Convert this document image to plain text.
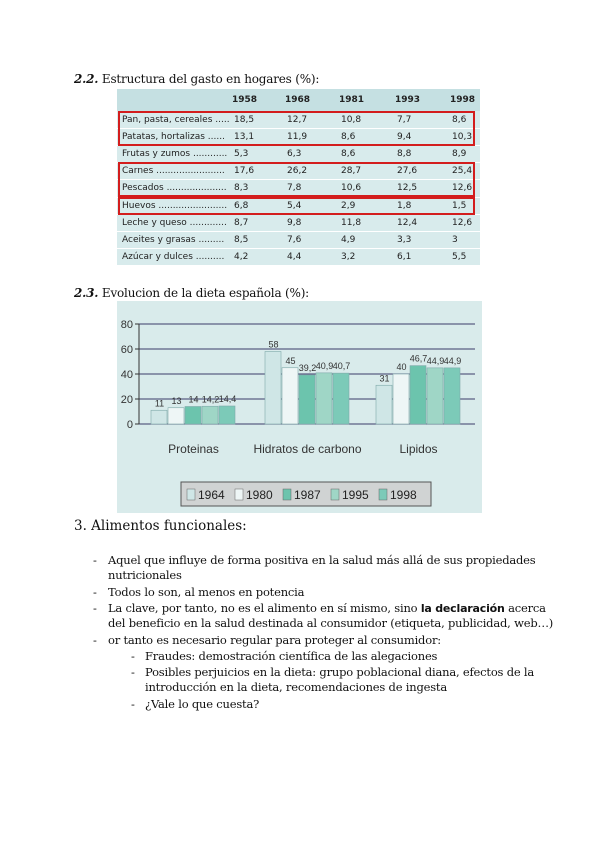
2.2. Estructura del gasto en hogares (%):
1958	1968	1981	1993	1998
Pan, pasta, cereales ..... 18,5	12,7	10,8	7,7	8,6
Patatas, hortalizas ...... 13,1	11,9	8,6	9,4	10,3
Frutas y zumos ............ 5,3	6,3	8,6	8,8	8,9
Carnes ........................ 17,6	26,2	28,7	27,6	25,4
Pescados ..................... 8,3	7,8	10,6	12,5	12,6
Huevos ........................ 6,8	5,4	2,9	1,8	1,5
Leche y queso ............. 8,7	9,8	11,8	12,4	12,6
Aceites y grasas ......... 8,5	7,6	4,9	3,3	3
Azúcar y dulces .......... 4,2	4,4	3,2	6,1	5,5
2.3. Evolucion de la dieta española (%):
0
20
40
60
80
11 13 14 14,2 14,4
Proteinas
58
45
39,2 40,9 40,7
Hidratos de carbono
31
40
46,7 44,9 44,9
Lipidos
1964 1980 1987 1995 1998
3. Alimentos funcionales:
- Aquel que influye de forma positiva en la salud más allá de sus propiedades
nutricionales
- Todos lo son, al menos en potencia
- La clave, por tanto, no es el alimento en sí mismo, sino la declaración acerca
del beneficio en la salud destinada al consumidor (etiqueta, publicidad, web…)
- or tanto es necesario regular para proteger al consumidor:
- Fraudes: demostración científica de las alegaciones
- Posibles perjuicios en la dieta: grupo poblacional diana, efectos de la
introducción en la dieta, recomendaciones de ingesta
- ¿Vale lo que cuesta?
